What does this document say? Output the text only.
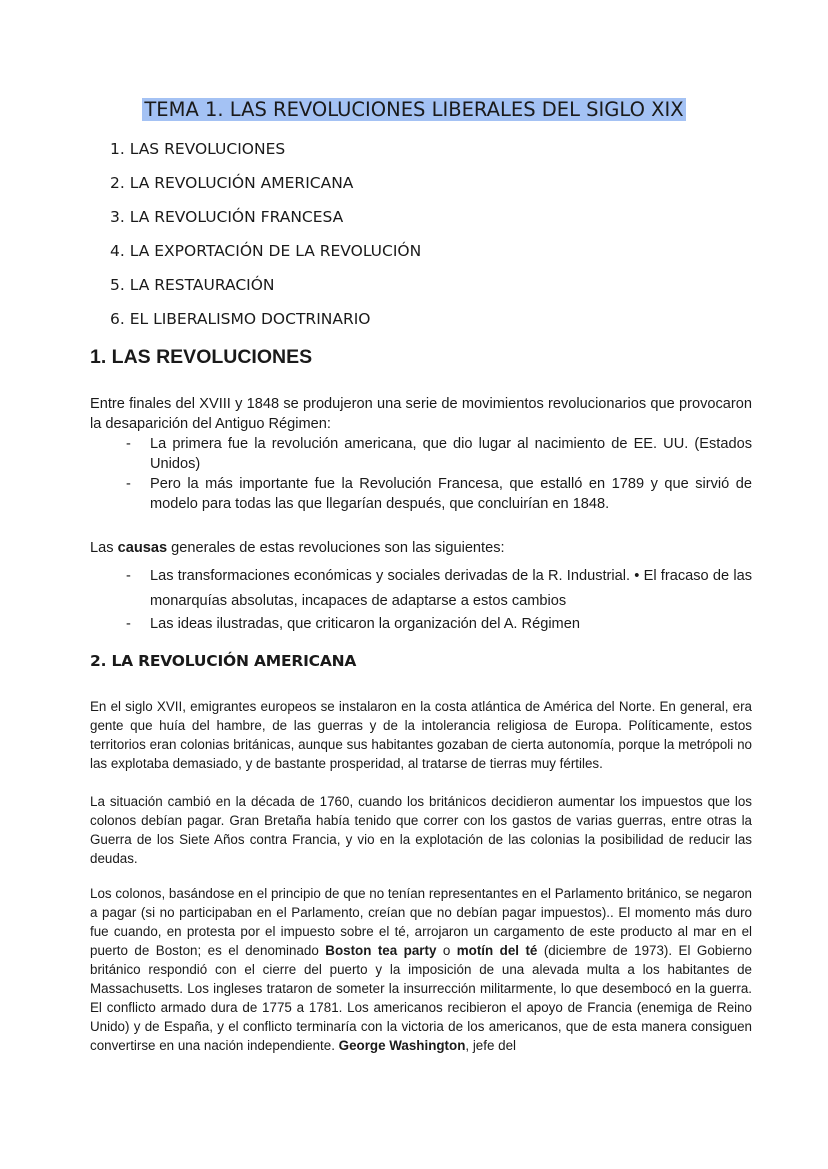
TEMA 1. LAS REVOLUCIONES LIBERALES DEL SIGLO XIX
1. LAS REVOLUCIONES
2. LA REVOLUCIÓN AMERICANA
3. LA REVOLUCIÓN FRANCESA
4. LA EXPORTACIÓN DE LA REVOLUCIÓN
5. LA RESTAURACIÓN
6. EL LIBERALISMO DOCTRINARIO
1. LAS REVOLUCIONES

Entre finales del XVIII y 1848 se produjeron una serie de movimientos revolucionarios que provocaron la desaparición del Antiguo Régimen:

- La primera fue la revolución americana, que dio lugar al nacimiento de EE. UU. (Estados Unidos)
- Pero la más importante fue la Revolución Francesa, que estalló en 1789 y que sirvió de modelo para todas las que llegarían después, que concluirían en 1848.

Las causas generales de estas revoluciones son las siguientes:

- Las transformaciones económicas y sociales derivadas de la R. Industrial. • El fracaso de las monarquías absolutas, incapaces de adaptarse a estos cambios
- Las ideas ilustradas, que criticaron la organización del A. Régimen
2. LA REVOLUCIÓN AMERICANA

En el siglo XVII, emigrantes europeos se instalaron en la costa atlántica de América del Norte. En general, era gente que huía del hambre, de las guerras y de la intolerancia religiosa de Europa. Políticamente, estos territorios eran colonias británicas, aunque sus habitantes gozaban de cierta autonomía, porque la metrópoli no las explotaba demasiado, y de bastante prosperidad, al tratarse de tierras muy fértiles.

La situación cambió en la década de 1760, cuando los británicos decidieron aumentar los impuestos que los colonos debían pagar. Gran Bretaña había tenido que correr con los gastos de varias guerras, entre otras la Guerra de los Siete Años contra Francia, y vio en la explotación de las colonias la posibilidad de reducir las deudas.

Los colonos, basándose en el principio de que no tenían representantes en el Parlamento británico, se negaron a pagar (si no participaban en el Parlamento, creían que no debían pagar impuestos).. El momento más duro fue cuando, en protesta por el impuesto sobre el té, arrojaron un cargamento de este producto al mar en el puerto de Boston; es el denominado Boston tea party o motín del té (diciembre de 1973). El Gobierno británico respondió con el cierre del puerto y la imposición de una alevada multa a los habitantes de Massachusetts. Los ingleses trataron de someter la insurrección militarmente, lo que desembocó en la guerra. El conflicto armado dura de 1775 a 1781. Los americanos recibieron el apoyo de Francia (enemiga de Reino Unido) y de España, y el conflicto terminaría con la victoria de los americanos, que de esta manera consiguen convertirse en una nación independiente. George Washington, jefe del
